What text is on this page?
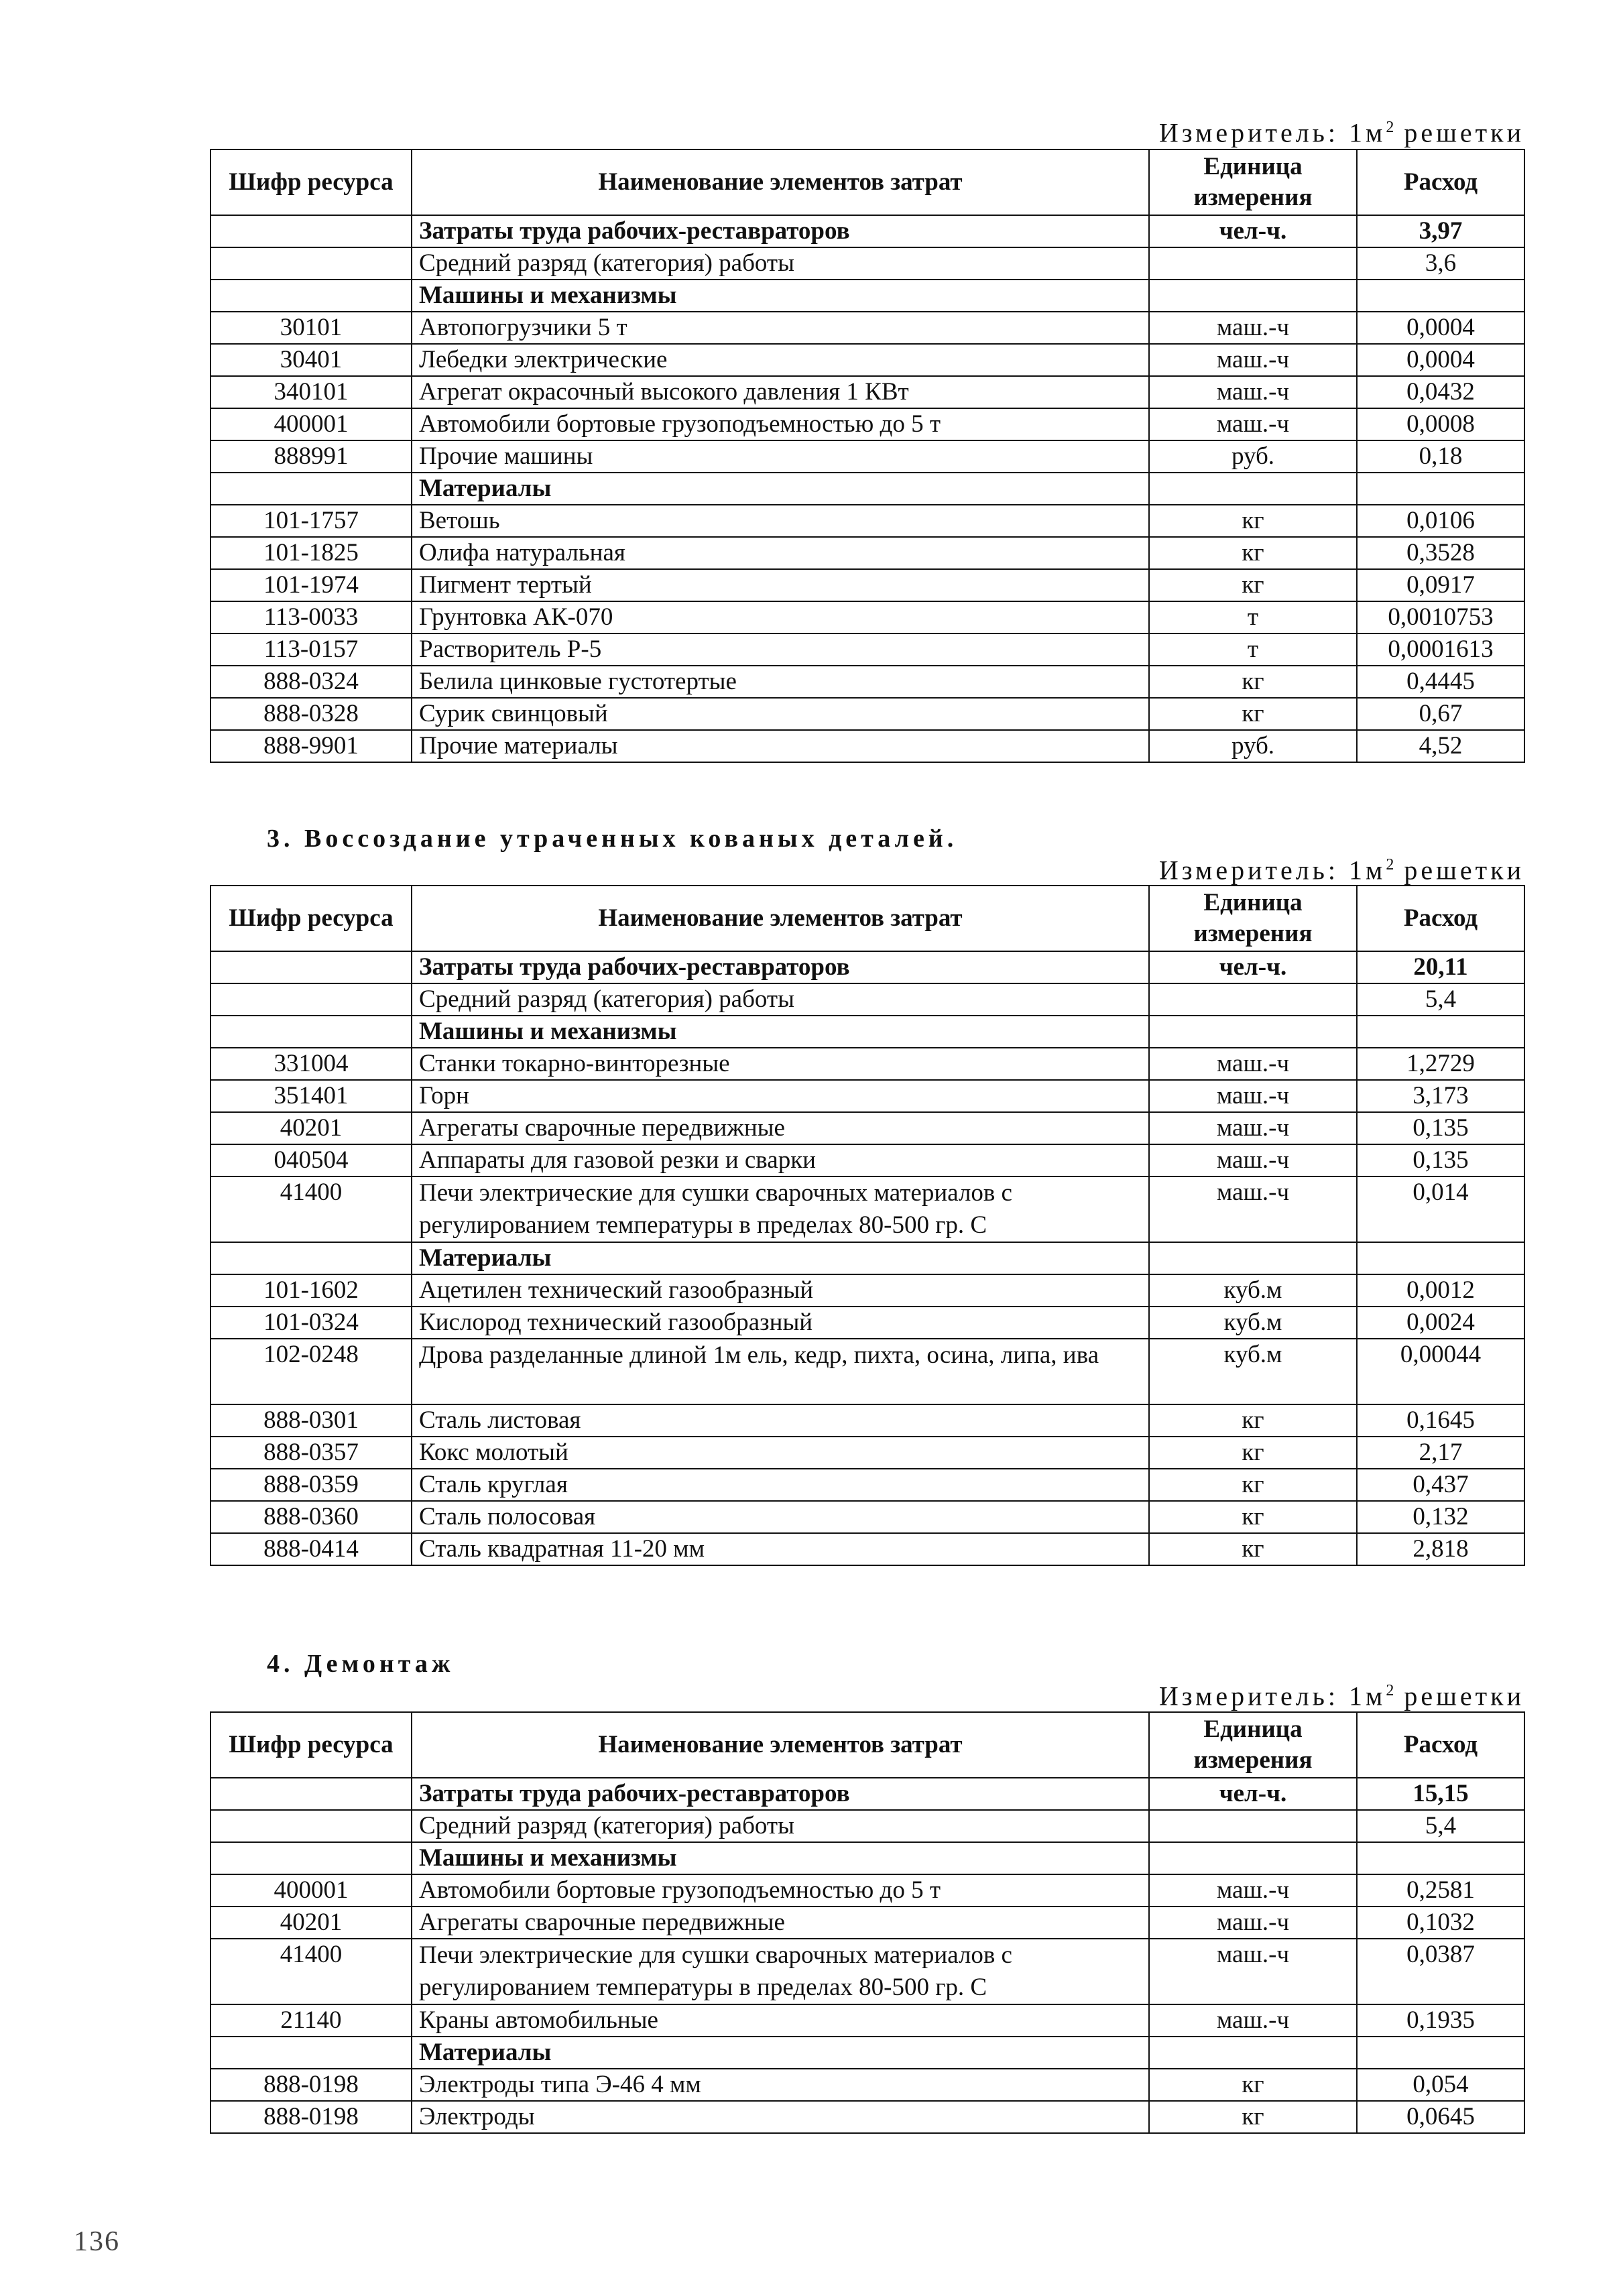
Измеритель: $1м^2$ решетки
Шифр ресурса	Наименование элементов затрат	Единица измерения	Расход
	Затраты труда рабочих-реставраторов	чел-ч.	3,97
	Средний разряд (категория) работы		3,6
	Машины и механизмы		
30101	Автопогрузчики 5 т	маш.-ч	0,0004
30401	Лебедки электрические	маш.-ч	0,0004
340101	Агрегат окрасочный высокого давления 1 КВт	маш.-ч	0,0432
400001	Автомобили бортовые грузоподъемностью до 5 т	маш.-ч	0,0008
888991	Прочие машины	руб.	0,18
	Материалы		
101-1757	Ветошь	кг	0,0106
101-1825	Олифа натуральная	кг	0,3528
101-1974	Пигмент тертый	кг	0,0917
113-0033	Грунтовка АК-070	т	0,0010753
113-0157	Растворитель Р-5	т	0,0001613
888-0324	Белила цинковые густотертые	кг	0,4445
888-0328	Сурик свинцовый	кг	0,67
888-9901	Прочие материалы	руб.	4,52
3. Воссоздание утраченных кованых деталей.
Измеритель: $1м^2$ решетки
Шифр ресурса	Наименование элементов затрат	Единица измерения	Расход
	Затраты труда рабочих-реставраторов	чел-ч.	20,11
	Средний разряд (категория) работы		5,4
	Машины и механизмы		
331004	Станки токарно-винторезные	маш.-ч	1,2729
351401	Горн	маш.-ч	3,173
40201	Агрегаты сварочные передвижные	маш.-ч	0,135
040504	Аппараты для газовой резки и сварки	маш.-ч	0,135
41400	Печи электрические для сушки сварочных материалов с регулированием температуры в пределах 80-500 гр. С	маш.-ч	0,014
	Материалы		
101-1602	Ацетилен технический газообразный	куб.м	0,0012
101-0324	Кислород технический газообразный	куб.м	0,0024
102-0248	Дрова разделанные длиной 1м ель, кедр, пихта, осина, липа, ива	куб.м	0,00044
888-0301	Сталь листовая	кг	0,1645
888-0357	Кокс молотый	кг	2,17
888-0359	Сталь круглая	кг	0,437
888-0360	Сталь полосовая	кг	0,132
888-0414	Сталь квадратная 11-20 мм	кг	2,818
4. Демонтаж
Измеритель: $1м^2$ решетки
Шифр ресурса	Наименование элементов затрат	Единица измерения	Расход
	Затраты труда рабочих-реставраторов	чел-ч.	15,15
	Средний разряд (категория) работы		5,4
	Машины и механизмы		
400001	Автомобили бортовые грузоподъемностью до 5 т	маш.-ч	0,2581
40201	Агрегаты сварочные передвижные	маш.-ч	0,1032
41400	Печи электрические для сушки сварочных материалов с регулированием температуры в пределах 80-500 гр. С	маш.-ч	0,0387
21140	Краны автомобильные	маш.-ч	0,1935
	Материалы		
888-0198	Электроды типа Э-46 4 мм	кг	0,054
888-0198	Электроды	кг	0,0645
136
